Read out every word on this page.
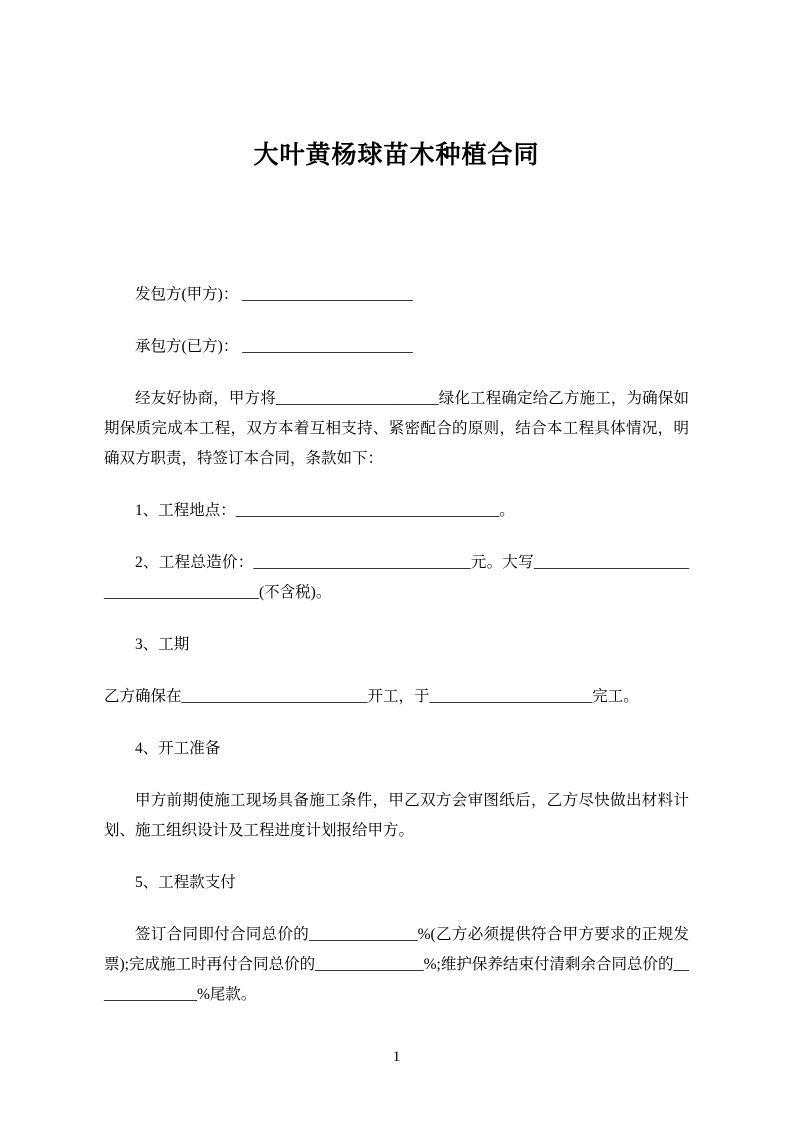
大叶黄杨球苗木种植合同

发包方(甲方)： ______________________

承包方(已方)： ______________________

经友好协商，甲方将_____________________绿化工程确定给乙方施工，为确保如期保质完成本工程，双方本着互相支持、紧密配合的原则，结合本工程具体情况，明确双方职责，特签订本合同，条款如下：

1、工程地点：__________________________________。

2、工程总造价：____________________________元。大写________________________________________(不含税)。

3、工期

乙方确保在________________________开工，于_____________________完工。

4、开工准备

甲方前期使施工现场具备施工条件，甲乙双方会审图纸后，乙方尽快做出材料计划、施工组织设计及工程进度计划报给甲方。

5、工程款支付

签订合同即付合同总价的______________%(乙方必须提供符合甲方要求的正规发票);完成施工时再付合同总价的______________%;维护保养结束付清剩余合同总价的______________%尾款。

1
